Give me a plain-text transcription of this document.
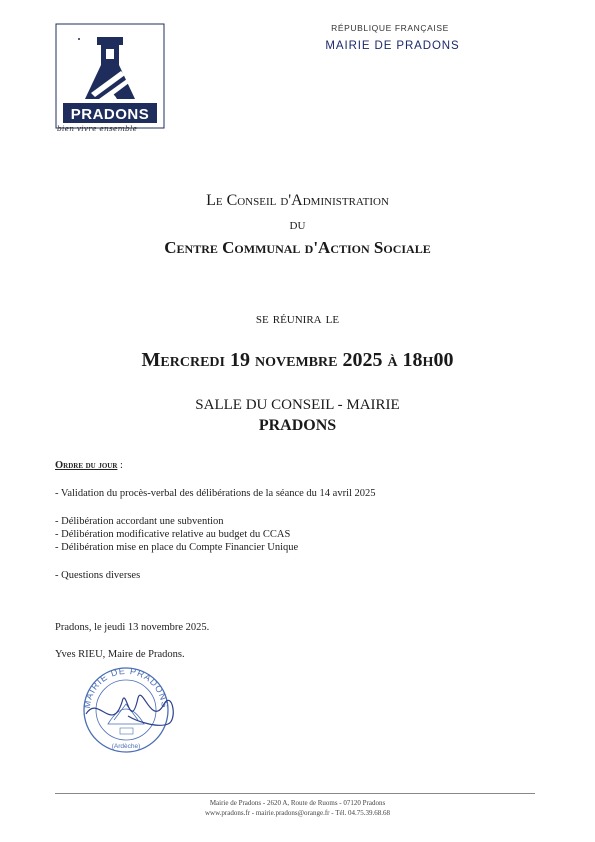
PRADONS
bien vivre ensemble
RÉPUBLIQUE FRANÇAISE
MAIRIE DE PRADONS
Le Conseil d'Administration
du
Centre Communal d'Action Sociale
se réunira le
Mercredi 19 novembre 2025 à 18h00
SALLE DU CONSEIL - MAIRIE
PRADONS
Ordre du jour :
- Validation du procès-verbal des délibérations de la séance du 14 avril 2025
- Délibération accordant une subvention
- Délibération modificative relative au budget du CCAS
- Délibération mise en place du Compte Financier Unique
- Questions diverses
Pradons, le jeudi 13 novembre 2025.
Yves RIEU, Maire de Pradons.
MAIRIE DE PRADONS
(Ardèche)
Mairie de Pradons - 2620 A, Route de Ruoms - 07120 Pradons
www.pradons.fr - mairie.pradons@orange.fr - Tél. 04.75.39.68.68
